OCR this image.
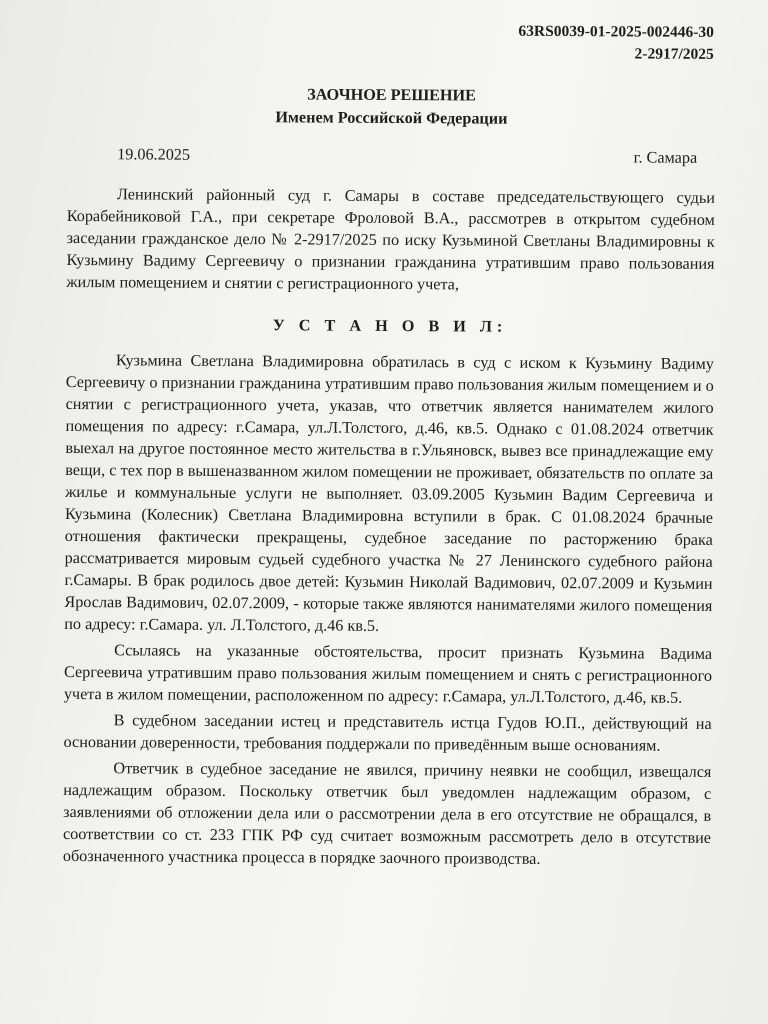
63RS0039-01-2025-002446-30
2-2917/2025
ЗАОЧНОЕ РЕШЕНИЕ
Именем Российской Федерации
19.06.2025	г. Самара
Ленинский районный суд г. Самары в составе председательствующего судьи Корабейниковой Г.А., при секретаре Фроловой В.А., рассмотрев в открытом судебном заседании гражданское дело № 2-2917/2025 по иску Кузьминой Светланы Владимировны к Кузьмину Вадиму Сергеевичу о признании гражданина утратившим право пользования жилым помещением и снятии с регистрационного учета,
У С Т А Н О В И Л:

Кузьмина Светлана Владимировна обратилась в суд с иском к Кузьмину Вадиму Сергеевичу о признании гражданина утратившим право пользования жилым помещением и о снятии с регистрационного учета, указав, что ответчик является нанимателем жилого помещения по адресу: г.Самара, ул.Л.Толстого, д.46, кв.5. Однако с 01.08.2024 ответчик выехал на другое постоянное место жительства в г.Ульяновск, вывез все принадлежащие ему вещи, с тех пор в вышеназванном жилом помещении не проживает, обязательств по оплате за жилье и коммунальные услуги не выполняет. 03.09.2005 Кузьмин Вадим Сергеевича и Кузьмина (Колесник) Светлана Владимировна вступили в брак. С 01.08.2024 брачные отношения фактически прекращены, судебное заседание по расторжению брака рассматривается мировым судьей судебного участка № 27 Ленинского судебного района г.Самары. В брак родилось двое детей: Кузьмин Николай Вадимович, 02.07.2009 и Кузьмин Ярослав Вадимович, 02.07.2009, - которые также являются нанимателями жилого помещения по адресу: г.Самара. ул. Л.Толстого, д.46 кв.5.

Ссылаясь на указанные обстоятельства, просит признать Кузьмина Вадима Сергеевича утратившим право пользования жилым помещением и снять с регистрационного учета в жилом помещении, расположенном по адресу: г.Самара, ул.Л.Толстого, д.46, кв.5.

В судебном заседании истец и представитель истца Гудов Ю.П., действующий на основании доверенности, требования поддержали по приведённым выше основаниям.

Ответчик в судебное заседание не явился, причину неявки не сообщил, извещался надлежащим образом. Поскольку ответчик был уведомлен надлежащим образом, с заявлениями об отложении дела или о рассмотрении дела в его отсутствие не обращался, в соответствии со ст. 233 ГПК РФ суд считает возможным рассмотреть дело в отсутствие обозначенного участника процесса в порядке заочного производства.
